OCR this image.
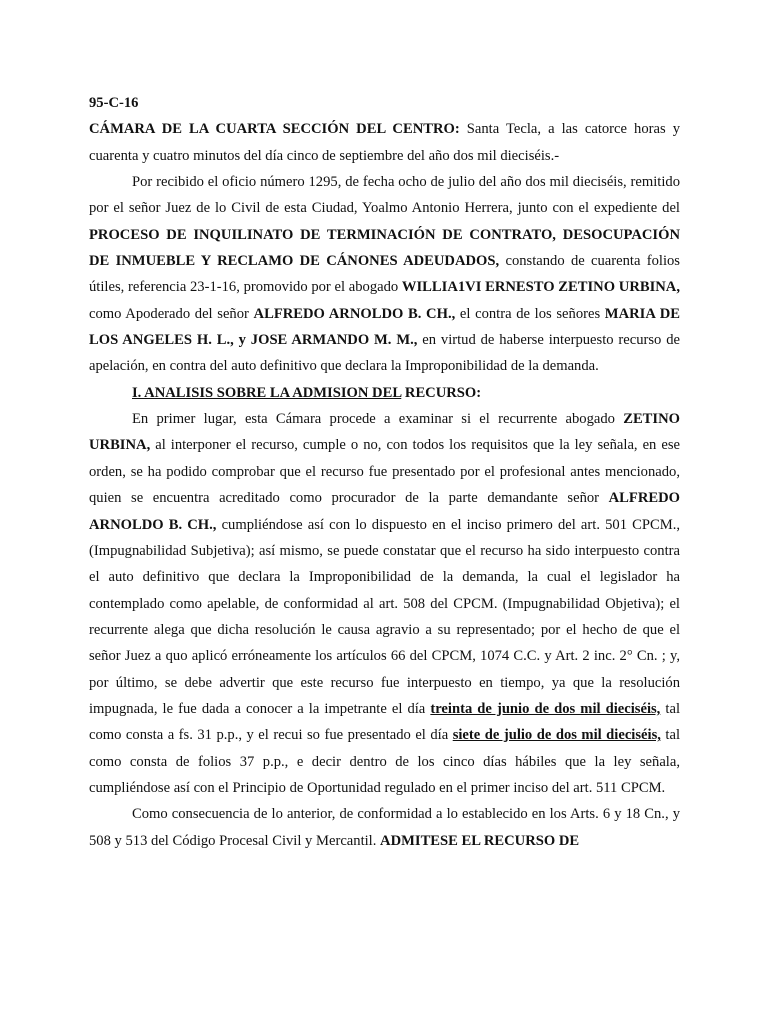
95-C-16

CÁMARA DE LA CUARTA SECCIÓN DEL CENTRO: Santa Tecla, a las catorce horas y cuarenta y cuatro minutos del día cinco de septiembre del año dos mil dieciséis.-

Por recibido el oficio número 1295, de fecha ocho de julio del año dos mil dieciséis, remitido por el señor Juez de lo Civil de esta Ciudad, Yoalmo Antonio Herrera, junto con el expediente del PROCESO DE INQUILINATO DE TERMINACIÓN DE CONTRATO, DESOCUPACIÓN DE INMUEBLE Y RECLAMO DE CÁNONES ADEUDADOS, constando de cuarenta folios útiles, referencia 23-1-16, promovido por el abogado WILLIA1VI ERNESTO ZETINO URBINA, como Apoderado del señor ALFREDO ARNOLDO B. CH., el contra de los señores MARIA DE LOS ANGELES H. L., y JOSE ARMANDO M. M., en virtud de haberse interpuesto recurso de apelación, en contra del auto definitivo que declara la Improponibilidad de la demanda.

I. ANALISIS SOBRE LA ADMISION DEL RECURSO:

En primer lugar, esta Cámara procede a examinar si el recurrente abogado ZETINO URBINA, al interponer el recurso, cumple o no, con todos los requisitos que la ley señala, en ese orden, se ha podido comprobar que el recurso fue presentado por el profesional antes mencionado, quien se encuentra acreditado como procurador de la parte demandante señor ALFREDO ARNOLDO B. CH., cumpliéndose así con lo dispuesto en el inciso primero del art. 501 CPCM., (Impugnabilidad Subjetiva); así mismo, se puede constatar que el recurso ha sido interpuesto contra el auto definitivo que declara la Improponibilidad de la demanda, la cual el legislador ha contemplado como apelable, de conformidad al art. 508 del CPCM. (Impugnabilidad Objetiva); el recurrente alega que dicha resolución le causa agravio a su representado; por el hecho de que el señor Juez a quo aplicó erróneamente los artículos 66 del CPCM, 1074 C.C. y Art. 2 inc. 2° Cn. ; y, por último, se debe advertir que este recurso fue interpuesto en tiempo, ya que la resolución impugnada, le fue dada a conocer a la impetrante el día treinta de junio de dos mil dieciséis, tal como consta a fs. 31 p.p., y el recui so fue presentado el día siete de julio de dos mil dieciséis, tal como consta de folios 37 p.p., e decir dentro de los cinco días hábiles que la ley señala, cumpliéndose así con el Principio de Oportunidad regulado en el primer inciso del art. 511 CPCM.

Como consecuencia de lo anterior, de conformidad a lo establecido en los Arts. 6 y 18 Cn., y 508 y 513 del Código Procesal Civil y Mercantil. ADMITESE EL RECURSO DE
